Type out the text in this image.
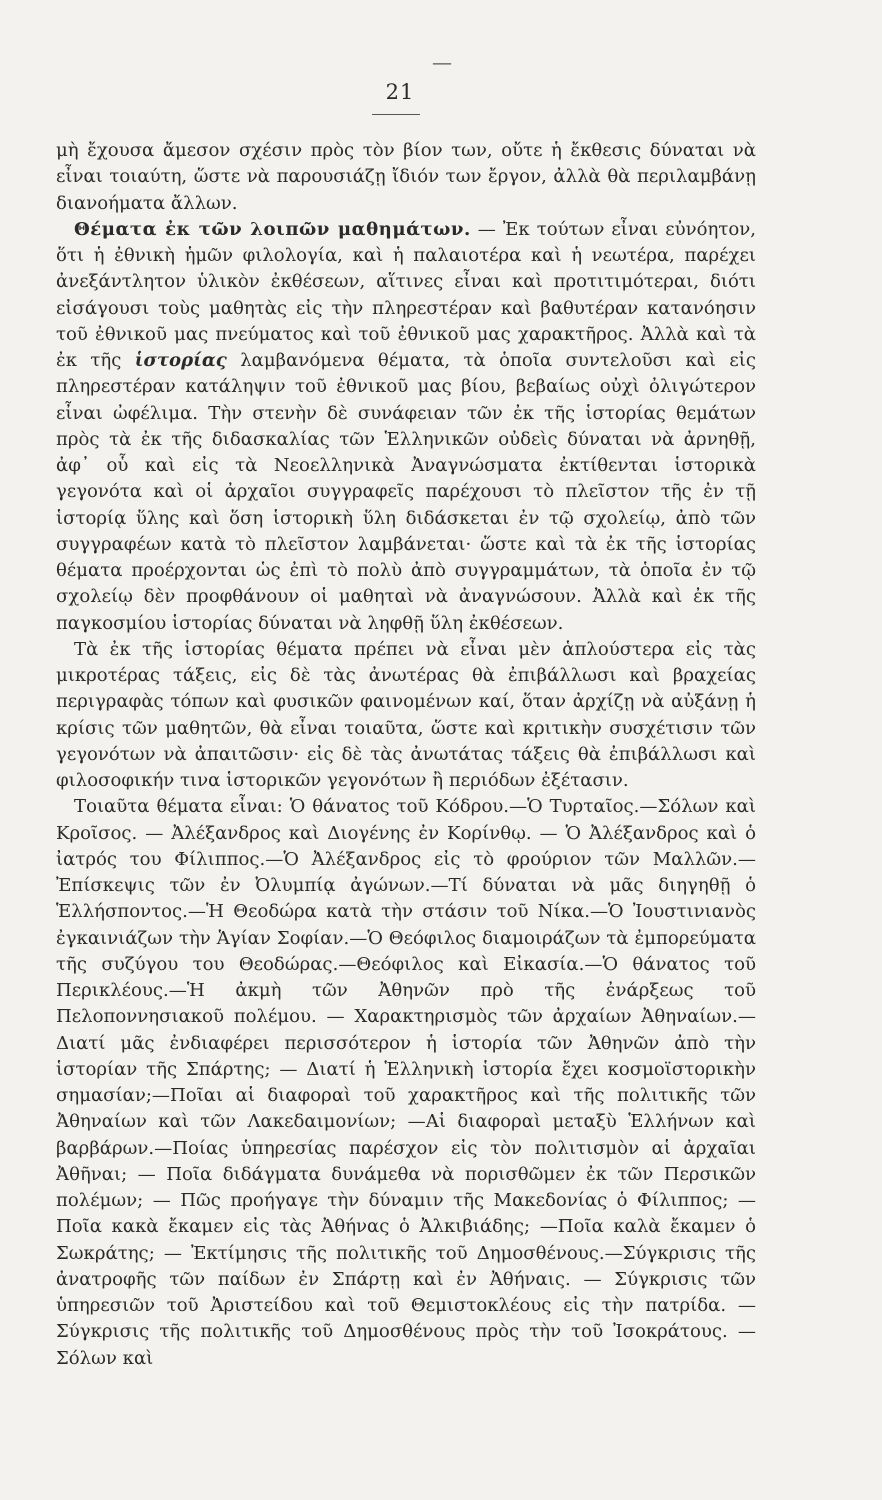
—
21

μὴ ἔχουσα ἄμεσον σχέσιν πρὸς τὸν βίον των, οὔτε ἡ ἔκθεσις δύναται νὰ εἶναι τοιαύτη, ὥστε νὰ παρουσιάζῃ ἴδιόν των ἔργον, ἀλλὰ θὰ περιλαμβάνῃ διανοήματα ἄλλων.

Θέματα ἐκ τῶν λοιπῶν μαθημάτων. — Ἐκ τούτων εἶναι εὐνόητον, ὅτι ἡ ἐθνικὴ ἡμῶν φιλολογία, καὶ ἡ παλαιοτέρα καὶ ἡ νεωτέρα, παρέχει ἀνεξάντλητον ὑλικὸν ἐκθέσεων, αἵτινες εἶναι καὶ προτιτιμότεραι, διότι εἰσάγουσι τοὺς μαθητὰς εἰς τὴν πληρεστέραν καὶ βαθυτέραν κατανόησιν τοῦ ἐθνικοῦ μας πνεύματος καὶ τοῦ ἐθνικοῦ μας χαρακτῆρος. Ἀλλὰ καὶ τὰ ἐκ τῆς ἱστορίας λαμβανόμενα θέματα, τὰ ὁποῖα συντελοῦσι καὶ εἰς πληρεστέραν κατάληψιν τοῦ ἐθνικοῦ μας βίου, βεβαίως οὐχὶ ὀλιγώτερον εἶναι ὠφέλιμα. Τὴν στενὴν δὲ συνάφειαν τῶν ἐκ τῆς ἱστορίας θεμάτων πρὸς τὰ ἐκ τῆς διδασκαλίας τῶν Ἑλληνικῶν οὐδεὶς δύναται νὰ ἀρνηθῇ, ἀφ᾽ οὗ καὶ εἰς τὰ Νεοελληνικὰ Ἀναγνώσματα ἐκτίθενται ἱστορικὰ γεγονότα καὶ οἱ ἀρχαῖοι συγγραφεῖς παρέχουσι τὸ πλεῖστον τῆς ἐν τῇ ἱστορίᾳ ὕλης καὶ ὅση ἱστορικὴ ὕλη διδάσκεται ἐν τῷ σχολείῳ, ἀπὸ τῶν συγγραφέων κατὰ τὸ πλεῖστον λαμβάνεται· ὥστε καὶ τὰ ἐκ τῆς ἱστορίας θέματα προέρχονται ὡς ἐπὶ τὸ πολὺ ἀπὸ συγγραμμάτων, τὰ ὁποῖα ἐν τῷ σχολείῳ δὲν προφθάνουν οἱ μαθηταὶ νὰ ἀναγνώσουν. Ἀλλὰ καὶ ἐκ τῆς παγκοσμίου ἱστορίας δύναται νὰ ληφθῇ ὕλη ἐκθέσεων.

Τὰ ἐκ τῆς ἱστορίας θέματα πρέπει νὰ εἶναι μὲν ἁπλούστερα εἰς τὰς μικροτέρας τάξεις, εἰς δὲ τὰς ἀνωτέρας θὰ ἐπιβάλλωσι καὶ βραχείας περιγραφὰς τόπων καὶ φυσικῶν φαινομένων καί, ὅταν ἀρχίζῃ νὰ αὐξάνῃ ἡ κρίσις τῶν μαθητῶν, θὰ εἶναι τοιαῦτα, ὥστε καὶ κριτικὴν συσχέτισιν τῶν γεγονότων νὰ ἀπαιτῶσιν· εἰς δὲ τὰς ἀνωτάτας τάξεις θὰ ἐπιβάλλωσι καὶ φιλοσοφικήν τινα ἱστορικῶν γεγονότων ἢ περιόδων ἐξέτασιν.

Τοιαῦτα θέματα εἶναι: Ὁ θάνατος τοῦ Κόδρου.—Ὁ Τυρταῖος.—Σόλων καὶ Κροῖσος. — Ἀλέξανδρος καὶ Διογένης ἐν Κορίνθῳ. — Ὁ Ἀλέξανδρος καὶ ὁ ἰατρός του Φίλιππος.—Ὁ Ἀλέξανδρος εἰς τὸ φρούριον τῶν Μαλλῶν.—Ἐπίσκεψις τῶν ἐν Ὀλυμπίᾳ ἀγώνων.—Τί δύναται νὰ μᾶς διηγηθῇ ὁ Ἑλλήσποντος.—Ἡ Θεοδώρα κατὰ τὴν στάσιν τοῦ Νίκα.—Ὁ Ἰουστινιανὸς ἐγκαινιάζων τὴν Ἁγίαν Σοφίαν.—Ὁ Θεόφιλος διαμοιράζων τὰ ἐμπορεύματα τῆς συζύγου του Θεοδώρας.—Θεόφιλος καὶ Εἰκασία.—Ὁ θάνατος τοῦ Περικλέους.—Ἡ ἀκμὴ τῶν Ἀθηνῶν πρὸ τῆς ἐνάρξεως τοῦ Πελοποννησιακοῦ πολέμου. — Χαρακτηρισμὸς τῶν ἀρχαίων Ἀθηναίων.—Διατί μᾶς ἐνδιαφέρει περισσότερον ἡ ἱστορία τῶν Ἀθηνῶν ἀπὸ τὴν ἱστορίαν τῆς Σπάρτης; — Διατί ἡ Ἑλληνικὴ ἱστορία ἔχει κοσμοϊστορικὴν σημασίαν;—Ποῖαι αἱ διαφοραὶ τοῦ χαρακτῆρος καὶ τῆς πολιτικῆς τῶν Ἀθηναίων καὶ τῶν Λακεδαιμονίων; —Αἱ διαφοραὶ μεταξὺ Ἑλλήνων καὶ βαρβάρων.—Ποίας ὑπηρεσίας παρέσχον εἰς τὸν πολιτισμὸν αἱ ἀρχαῖαι Ἀθῆναι; — Ποῖα διδάγματα δυνάμεθα νὰ πορισθῶμεν ἐκ τῶν Περσικῶν πολέμων; — Πῶς προήγαγε τὴν δύναμιν τῆς Μακεδονίας ὁ Φίλιππος; —Ποῖα κακὰ ἔκαμεν εἰς τὰς Ἀθήνας ὁ Ἀλκιβιάδης; —Ποῖα καλὰ ἔκαμεν ὁ Σωκράτης; — Ἐκτίμησις τῆς πολιτικῆς τοῦ Δημοσθένους.—Σύγκρισις τῆς ἀνατροφῆς τῶν παίδων ἐν Σπάρτῃ καὶ ἐν Ἀθήναις. — Σύγκρισις τῶν ὑπηρεσιῶν τοῦ Ἀριστείδου καὶ τοῦ Θεμιστοκλέους εἰς τὴν πατρίδα. — Σύγκρισις τῆς πολιτικῆς τοῦ Δημοσθένους πρὸς τὴν τοῦ Ἰσοκράτους. — Σόλων καὶ
